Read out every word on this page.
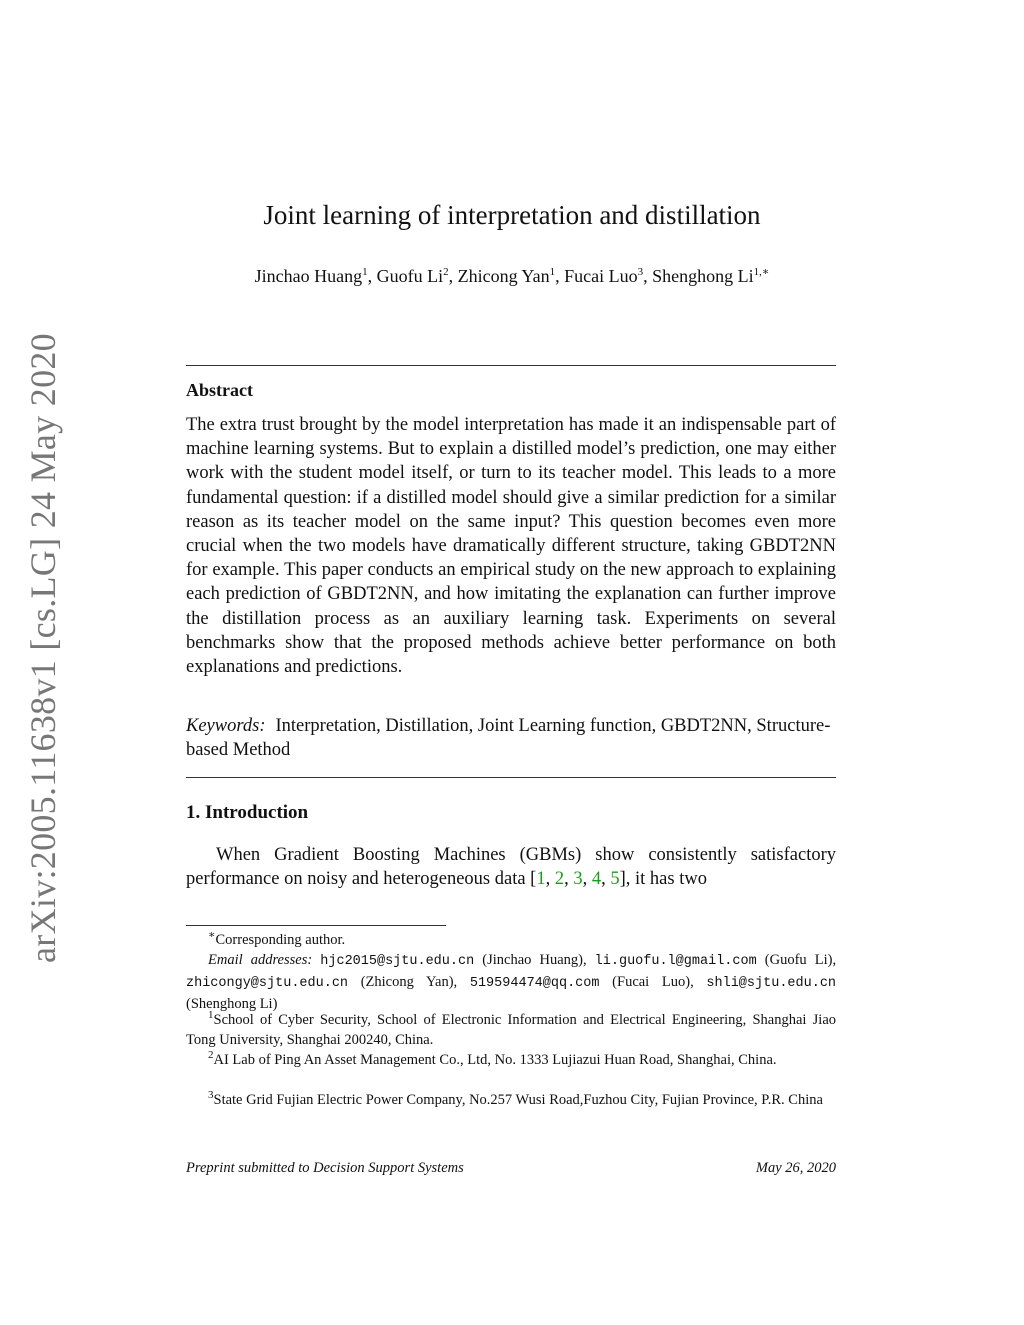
arXiv:2005.11638v1 [cs.LG] 24 May 2020
Joint learning of interpretation and distillation
Jinchao Huang$^1$, Guofu Li$^2$, Zhicong Yan$^1$, Fucai Luo$^3$, Shenghong $Li^{1,∗}$
Abstract

The extra trust brought by the model interpretation has made it an indispensable part of machine learning systems. But to explain a distilled model’s prediction, one may either work with the student model itself, or turn to its teacher model. This leads to a more fundamental question: if a distilled model should give a similar prediction for a similar reason as its teacher model on the same input? This question becomes even more crucial when the two models have dramatically different structure, taking GBDT2NN for example. This paper conducts an empirical study on the new approach to explaining each prediction of GBDT2NN, and how imitating the explanation can further improve the distillation process as an auxiliary learning task. Experiments on several benchmarks show that the proposed methods achieve better performance on both explanations and predictions.

Keywords: Interpretation, Distillation, Joint Learning function, GBDT2NN, Structure-based Method
1. Introduction
When Gradient Boosting Machines (GBMs) show consistently satisfactory performance on noisy and heterogeneous data [1, 2, 3, 4, 5], it has two

∗Corresponding author.

Email addresses: hjc2015@sjtu.edu.cn (Jinchao Huang), li.guofu.l@gmail.com (Guofu Li), zhicongy@sjtu.edu.cn (Zhicong Yan), 519594474@qq.com (Fucai Luo), shli@sjtu.edu.cn (Shenghong Li)

$^1$School of Cyber Security, School of Electronic Information and Electrical Engineering, Shanghai Jiao Tong University, Shanghai 200240, China.

$^2$AI Lab of Ping An Asset Management Co., Ltd, No. 1333 Lujiazui Huan Road, Shanghai, China.

$^3$State Grid Fujian Electric Power Company, No.257 Wusi Road,Fuzhou City, Fujian Province, P.R. China

Preprint submitted to Decision Support Systems	May 26, 2020
